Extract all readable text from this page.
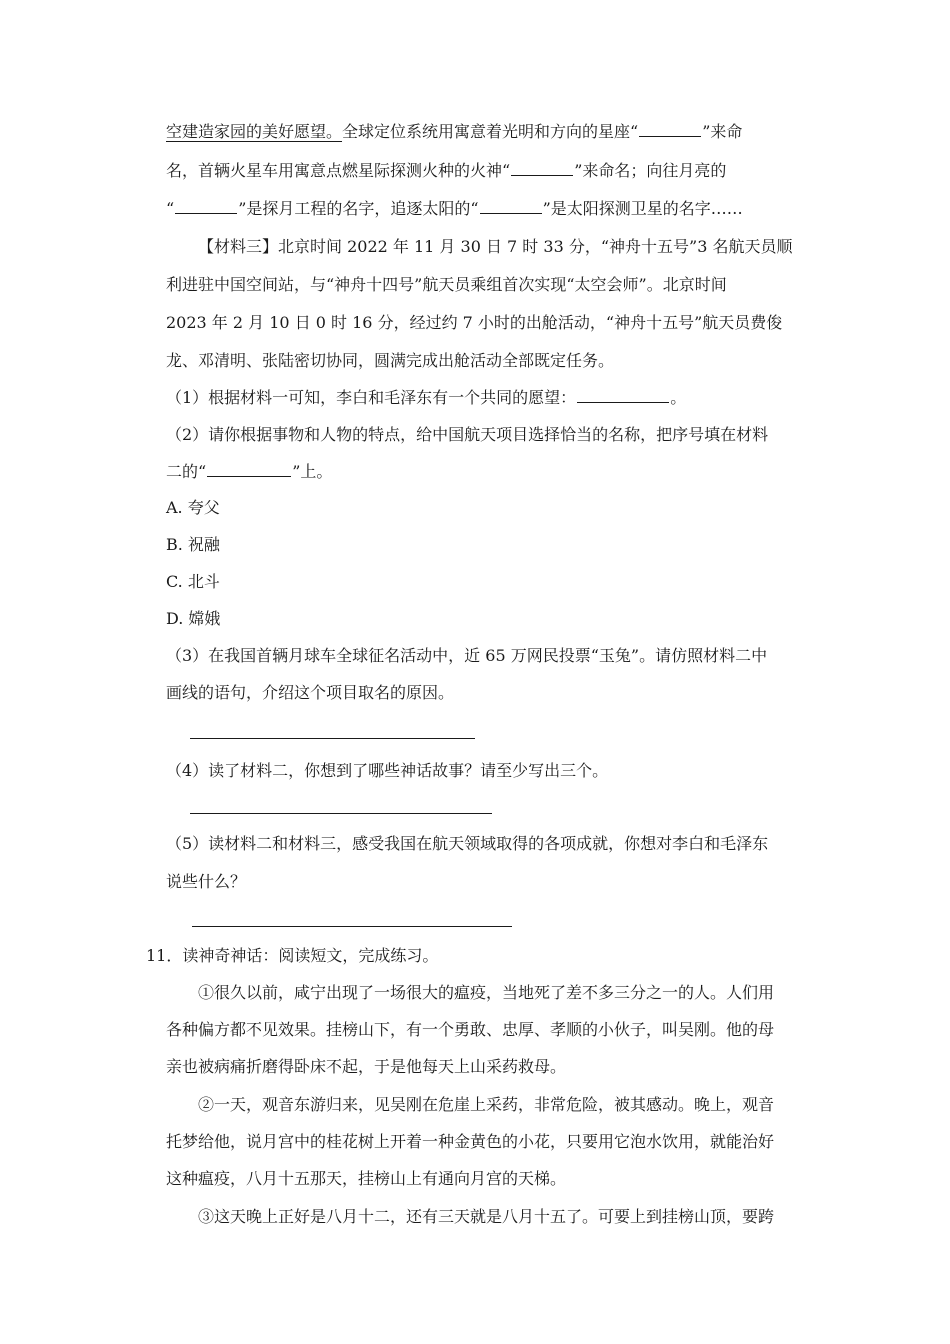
空建造家园的美好愿望。全球定位系统用寓意着光明和方向的星座“	”来命
名，首辆火星车用寓意点燃星际探测火种的火神“	”来命名；向往月亮的
“	”是探月工程的名字，追逐太阳的“	”是太阳探测卫星的名字……
【材料三】北京时间 2022 年 11 月 30 日 7 时 33 分，“神舟十五号”3 名航天员顺
利进驻中国空间站，与“神舟十四号”航天员乘组首次实现“太空会师”。北京时间
2023 年 2 月 10 日 0 时 16 分，经过约 7 小时的出舱活动，“神舟十五号”航天员费俊
龙、邓清明、张陆密切协同，圆满完成出舱活动全部既定任务。
（1）根据材料一可知，李白和毛泽东有一个共同的愿望：	。
（2）请你根据事物和人物的特点，给中国航天项目选择恰当的名称，把序号填在材料
二的“	”上。
A. 夸父
B. 祝融
C. 北斗
D. 嫦娥
（3）在我国首辆月球车全球征名活动中，近 65 万网民投票“玉兔”。请仿照材料二中
画线的语句，介绍这个项目取名的原因。
（4）读了材料二，你想到了哪些神话故事？请至少写出三个。
（5）读材料二和材料三，感受我国在航天领域取得的各项成就，你想对李白和毛泽东
说些什么？
11．读神奇神话：阅读短文，完成练习。
①很久以前，咸宁出现了一场很大的瘟疫，当地死了差不多三分之一的人。人们用
各种偏方都不见效果。挂榜山下，有一个勇敢、忠厚、孝顺的小伙子，叫吴刚。他的母
亲也被病痛折磨得卧床不起，于是他每天上山采药救母。
②一天，观音东游归来，见吴刚在危崖上采药，非常危险，被其感动。晚上，观音
托梦给他，说月宫中的桂花树上开着一种金黄色的小花，只要用它泡水饮用，就能治好
这种瘟疫，八月十五那天，挂榜山上有通向月宫的天梯。
③这天晚上正好是八月十二，还有三天就是八月十五了。可要上到挂榜山顶，要跨
